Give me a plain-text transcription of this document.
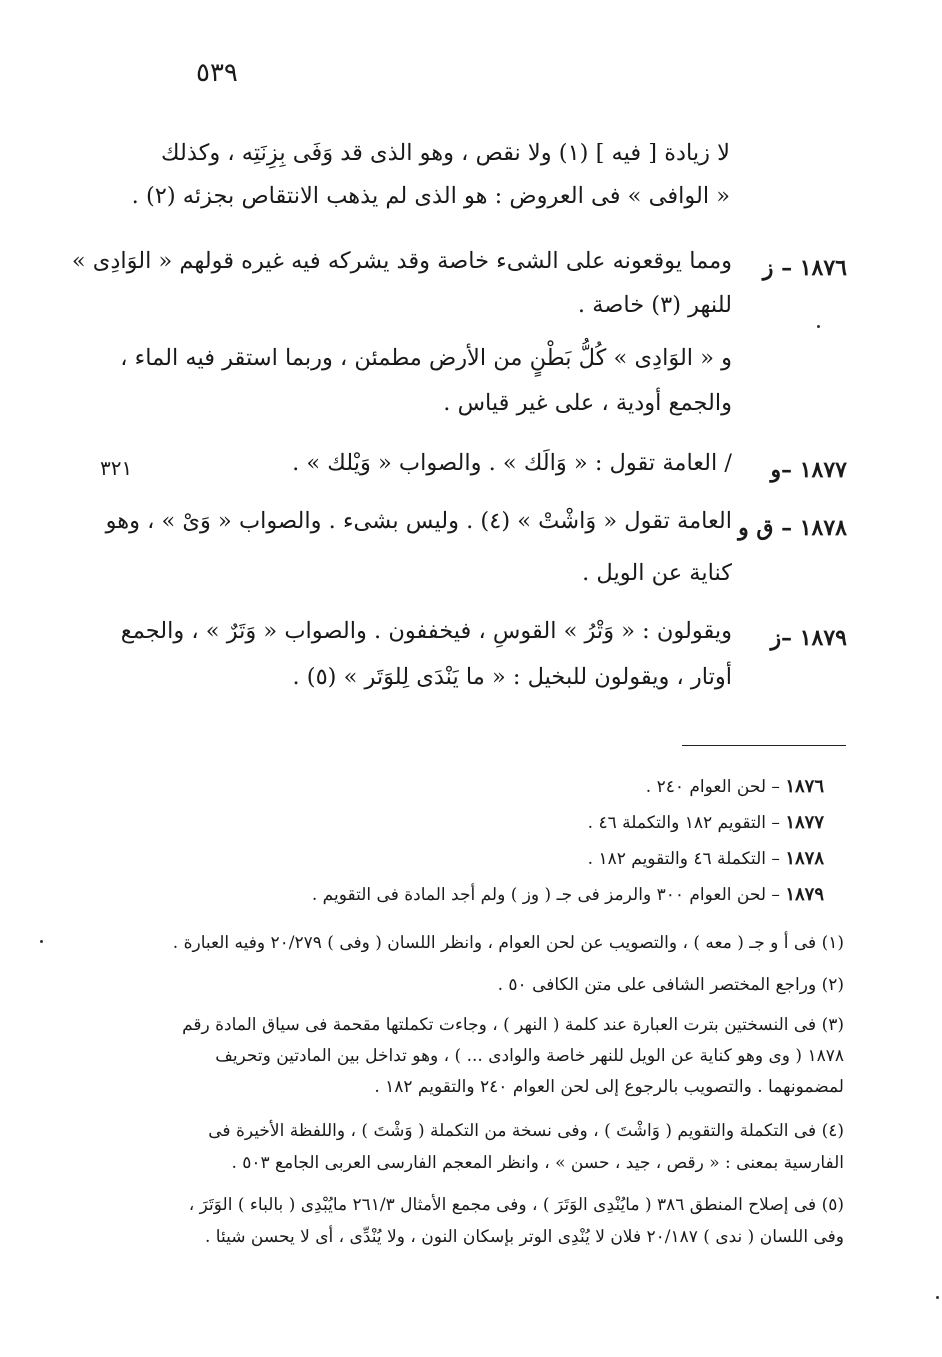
٥٣٩
لا زيادة [ فيه ] (١) ولا نقص ، وهو الذى قد وَفَى بِزِنَتِه ، وكذلك
« الوافى » فى العروض : هو الذى لم يذهب الانتقاص بجزئه (٢) .
١٨٧٦ – ز
ومما يوقعونه على الشىء خاصة وقد يشركه فيه غيره قولهم « الوَادِى »
للنهر (٣) خاصة .
و « الوَادِى » كُلُّ بَطْنٍ من الأرض مطمئن ، وربما استقر فيه الماء ،
والجمع أودية ، على غير قياس .
٣٢١	١٨٧٧ –و
/ العامة تقول : « وَالَك » . والصواب « وَيْلك » .
١٨٧٨ – ق و
العامة تقول « وَاشْتْ » (٤) . وليس بشىء . والصواب « وَىْ » ، وهو
كناية عن الويل .
١٨٧٩ –ز
ويقولون : « وَتْرُ » القوسِ ، فيخففون . والصواب « وَتَرٌ » ، والجمع
أوتار ، ويقولون للبخيل : « ما يَنْدَى لِلوَتَر » (٥) .
١٨٧٦ – لحن العوام ٢٤٠ .
١٨٧٧ – التقويم ١٨٢ والتكملة ٤٦ .
١٨٧٨ – التكملة ٤٦ والتقويم ١٨٢ .
١٨٧٩ – لحن العوام ٣٠٠ والرمز فى جـ ( وز ) ولم أجد المادة فى التقويم .
(١) فى أ و جـ ( معه ) ، والتصويب عن لحن العوام ، وانظر اللسان ( وفى ) ٢٠/٢٧٩ وفيه العبارة .
(٢) وراجع المختصر الشافى على متن الكافى ٥٠ .
(٣) فى النسختين بترت العبارة عند كلمة ( النهر ) ، وجاءت تكملتها مقحمة فى سياق المادة رقم
١٨٧٨ ( وى وهو كناية عن الويل للنهر خاصة والوادى ... ) ، وهو تداخل بين المادتين وتحريف
لمضمونهما . والتصويب بالرجوع إلى لحن العوام ٢٤٠ والتقويم ١٨٢ .
(٤) فى التكملة والتقويم ( وَاشْتَ ) ، وفى نسخة من التكملة ( وَشْتَ ) ، واللفظة الأخيرة فى
الفارسية بمعنى : « رقص ، جيد ، حسن » ، وانظر المعجم الفارسى العربى الجامع ٥٠٣ .
(٥) فى إصلاح المنطق ٣٨٦ ( مايُنْدِى الوَتَرَ ) ، وفى مجمع الأمثال ٢٦١/٣ مايُبْدِى ( بالباء ) الوَتَرَ ،
وفى اللسان ( ندى ) ٢٠/١٨٧ فلان لا يُنْدِى الوتر بإسكان النون ، ولا يُنْدِّى ، أى لا يحسن شيئا .
